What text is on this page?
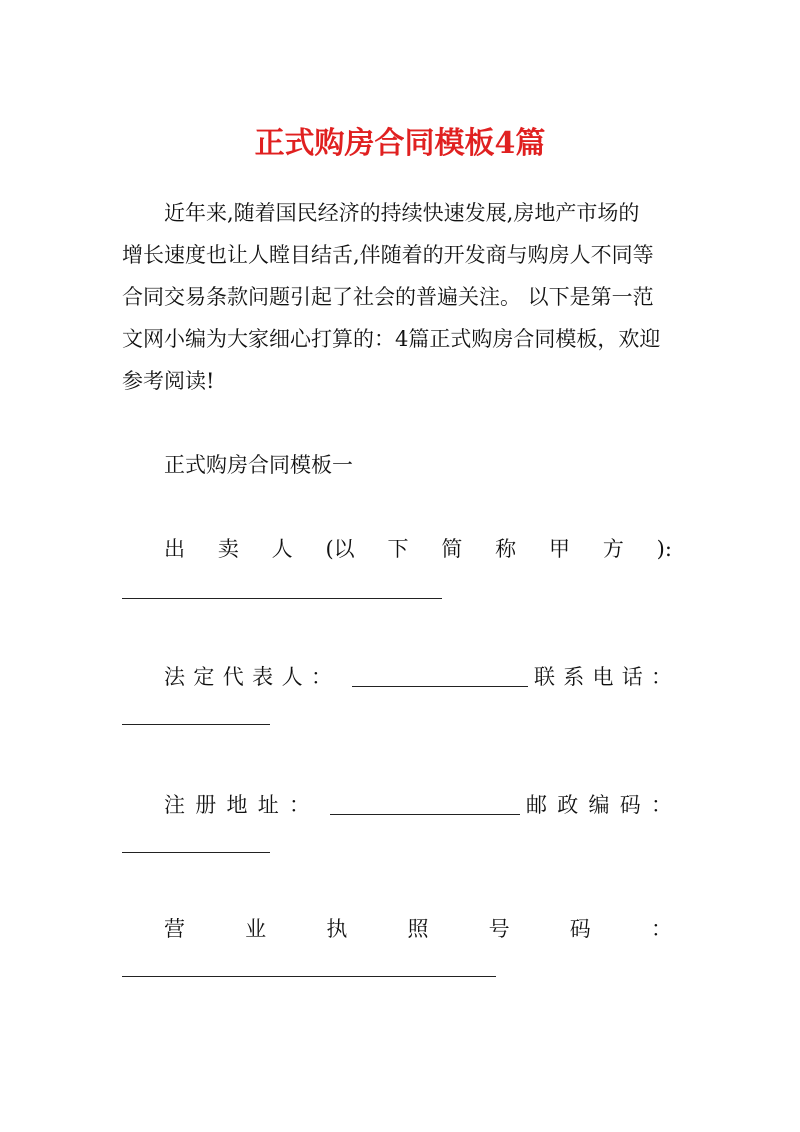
正式购房合同模板4篇
近年来,随着国民经济的持续快速发展,房地产市场的
增长速度也让人瞠目结舌,伴随着的开发商与购房人不同等
合同交易条款问题引起了社会的普遍关注。 以下是第一范
文网小编为大家细心打算的：4篇正式购房合同模板，欢迎
参考阅读!
正式购房合同模板一
出 卖 人 (以 下 简 称 甲 方 ):
法 定 代 表 人 ：	联 系 电 话 ：
注 册 地 址 ：	邮 政 编 码 ：
营	业	执	照	号	码	：
